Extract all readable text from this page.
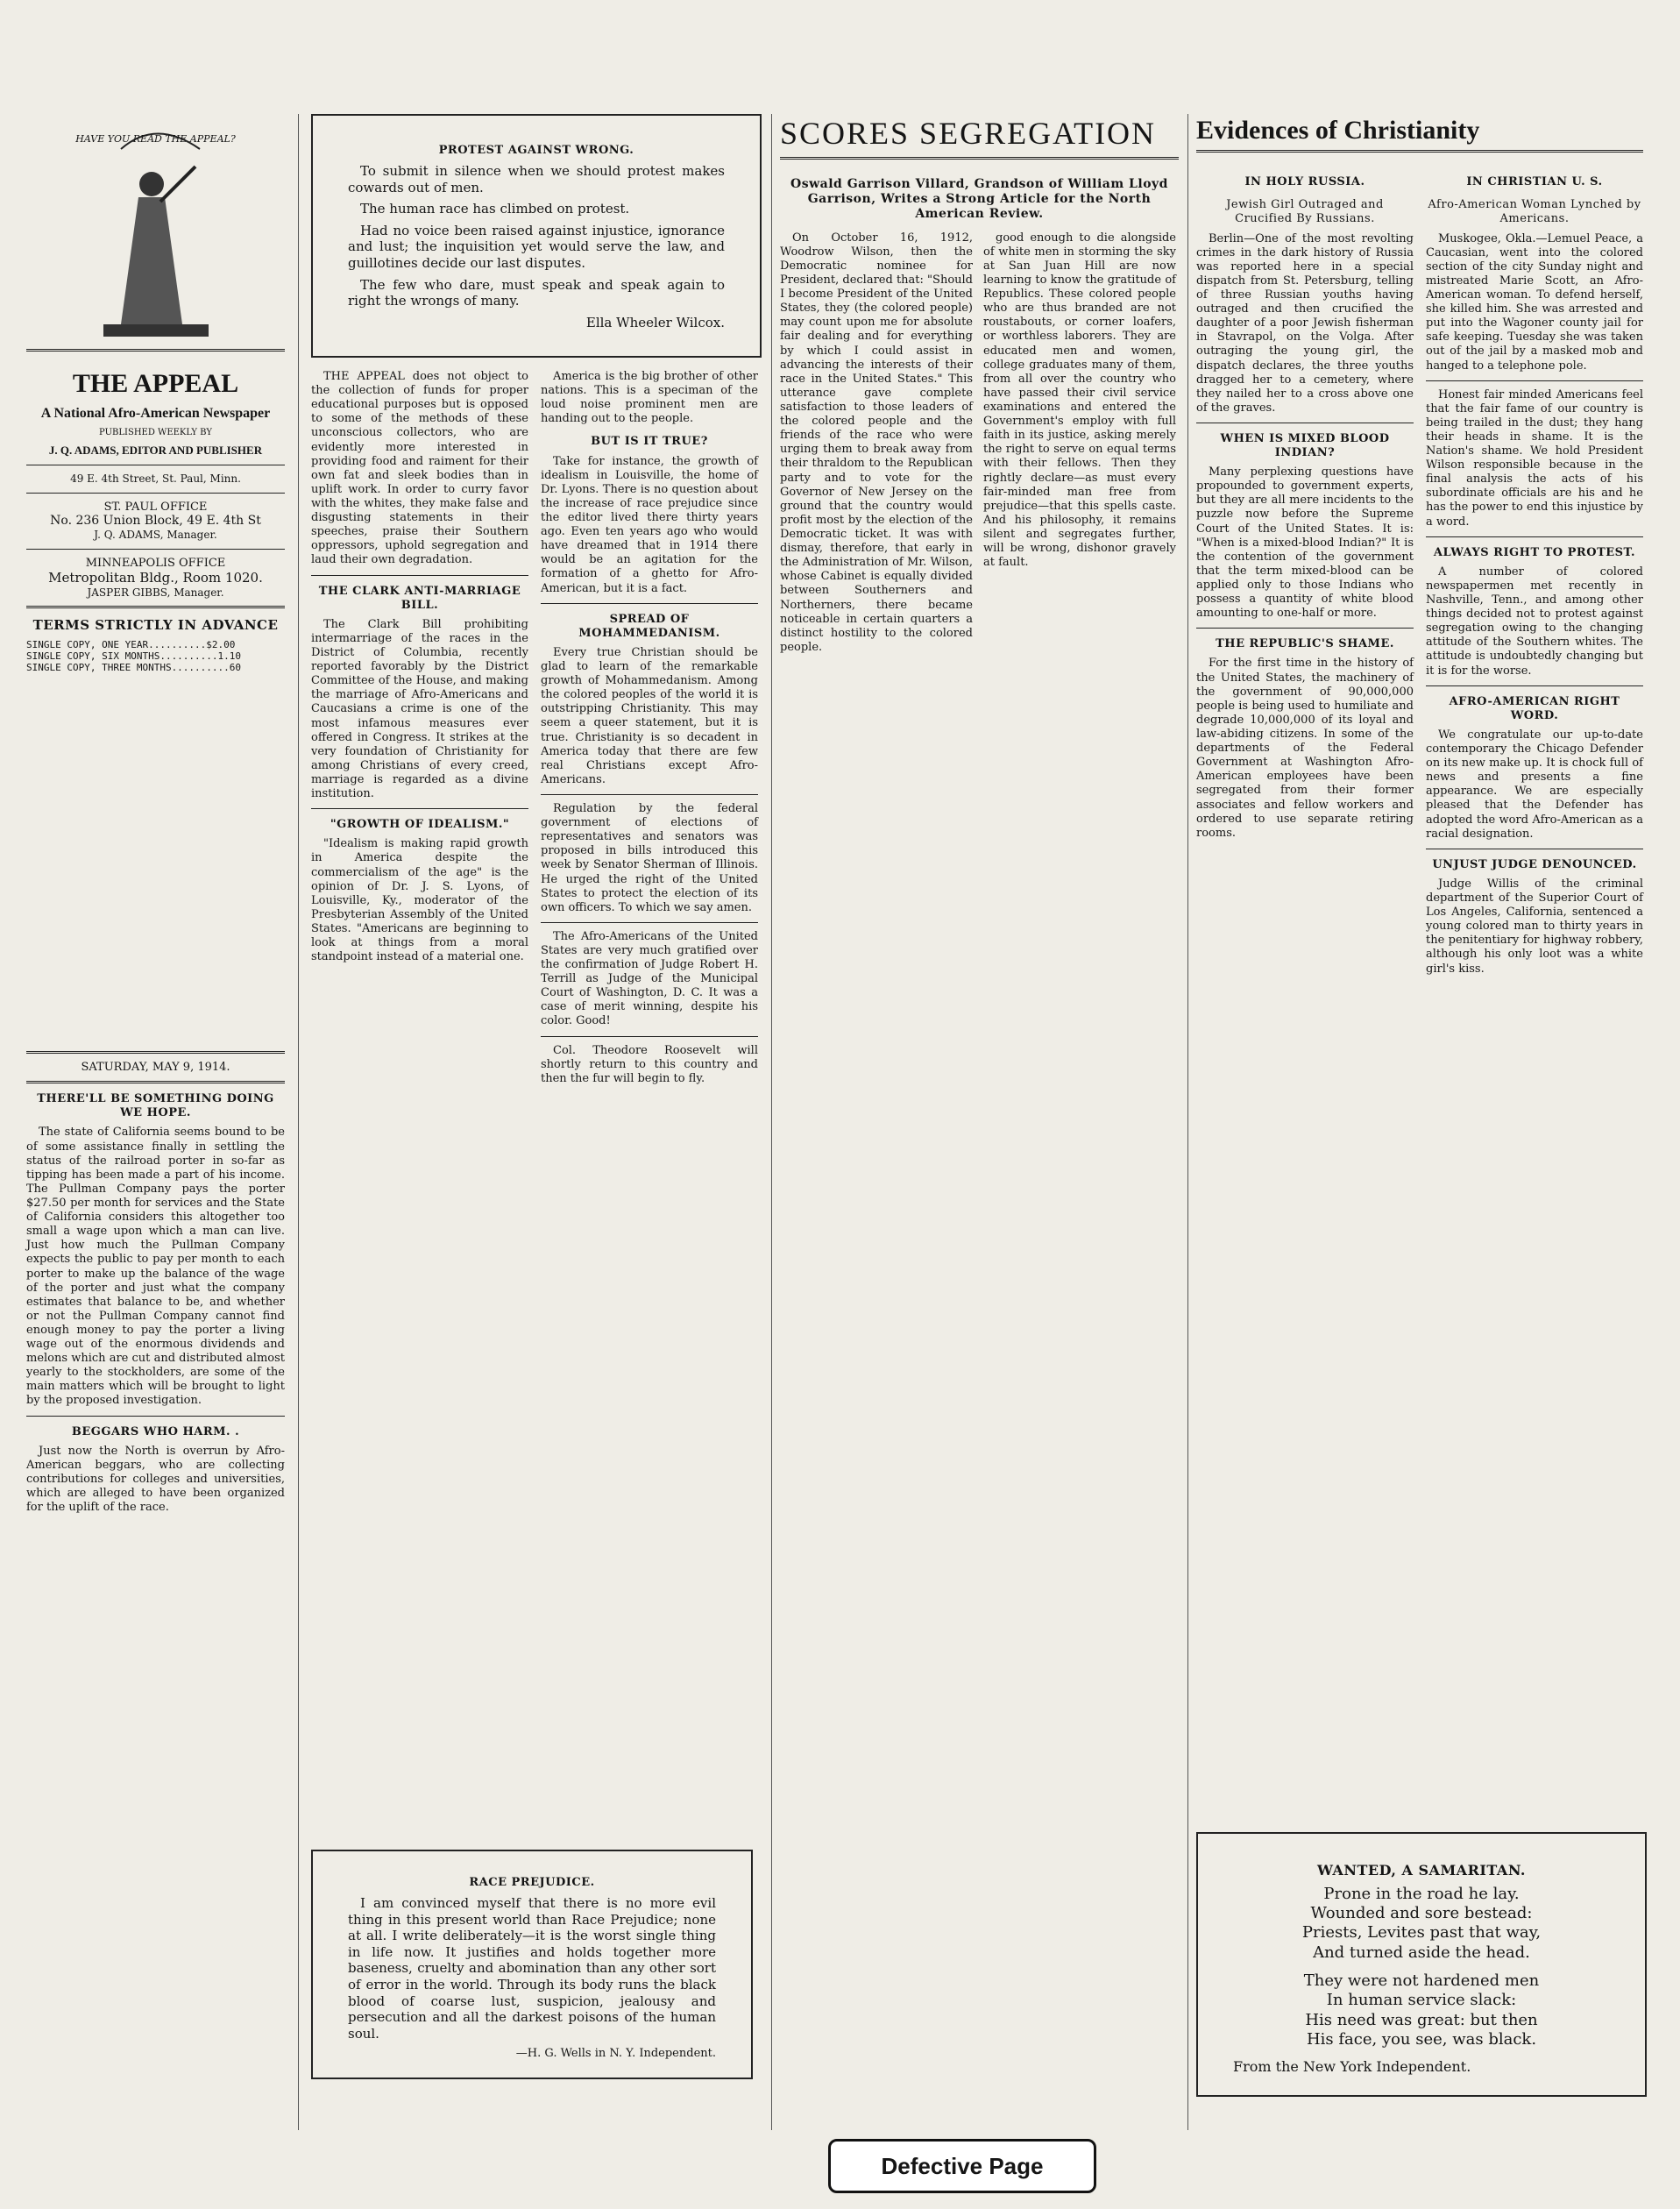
HAVE YOU READ THE APPEAL?
THE APPEAL
A National Afro-American Newspaper
PUBLISHED WEEKLY BY
J. Q. ADAMS, EDITOR AND PUBLISHER
49 E. 4th Street, St. Paul, Minn.
ST. PAUL OFFICE
No. 236 Union Block, 49 E. 4th St
J. Q. ADAMS, Manager.
MINNEAPOLIS OFFICE
Metropolitan Bldg., Room 1020.
JASPER GIBBS, Manager.
TERMS STRICTLY IN ADVANCE
SINGLE COPY, ONE YEAR..........$2.00
SINGLE COPY, SIX MONTHS..........1.10
SINGLE COPY, THREE MONTHS..........60
SATURDAY, MAY 9, 1914.
THERE'LL BE SOMETHING DOING WE HOPE.

The state of California seems bound to be of some assistance finally in settling the status of the railroad porter in so-far as tipping has been made a part of his income. The Pullman Company pays the porter $27.50 per month for services and the State of California considers this altogether too small a wage upon which a man can live. Just how much the Pullman Company expects the public to pay per month to each porter to make up the balance of the wage of the porter and just what the company estimates that balance to be, and whether or not the Pullman Company cannot find enough money to pay the porter a living wage out of the enormous dividends and melons which are cut and distributed almost yearly to the stockholders, are some of the main matters which will be brought to light by the proposed investigation.

BEGGARS WHO HARM. .

Just now the North is overrun by Afro-American beggars, who are collecting contributions for colleges and universities, which are alleged to have been organized for the uplift of the race.

PROTEST AGAINST WRONG.

To submit in silence when we should protest makes cowards out of men.

The human race has climbed on protest.

Had no voice been raised against injustice, ignorance and lust; the inquisition yet would serve the law, and guillotines decide our last disputes.

The few who dare, must speak and speak again to right the wrongs of many.

Ella Wheeler Wilcox.

THE APPEAL does not object to the collection of funds for proper educational purposes but is opposed to some of the methods of these unconscious collectors, who are evidently more interested in providing food and raiment for their own fat and sleek bodies than in uplift work. In order to curry favor with the whites, they make false and disgusting statements in their speeches, praise their Southern oppressors, uphold segregation and laud their own degradation.

THE CLARK ANTI-MARRIAGE BILL.

The Clark Bill prohibiting intermarriage of the races in the District of Columbia, recently reported favorably by the District Committee of the House, and making the marriage of Afro-Americans and Caucasians a crime is one of the most infamous measures ever offered in Congress. It strikes at the very foundation of Christianity for among Christians of every creed, marriage is regarded as a divine institution.

"GROWTH OF IDEALISM."

"Idealism is making rapid growth in America despite the commercialism of the age" is the opinion of Dr. J. S. Lyons, of Louisville, Ky., moderator of the Presbyterian Assembly of the United States. "Americans are beginning to look at things from a moral standpoint instead of a material one.

America is the big brother of other nations. This is a speciman of the loud noise prominent men are handing out to the people.

BUT IS IT TRUE?

Take for instance, the growth of idealism in Louisville, the home of Dr. Lyons. There is no question about the increase of race prejudice since the editor lived there thirty years ago. Even ten years ago who would have dreamed that in 1914 there would be an agitation for the formation of a ghetto for Afro-American, but it is a fact.

SPREAD OF MOHAMMEDANISM.

Every true Christian should be glad to learn of the remarkable growth of Mohammedanism. Among the colored peoples of the world it is outstripping Christianity. This may seem a queer statement, but it is true. Christianity is so decadent in America today that there are few real Christians except Afro-Americans.

Regulation by the federal government of elections of representatives and senators was proposed in bills introduced this week by Senator Sherman of Illinois. He urged the right of the United States to protect the election of its own officers. To which we say amen.

The Afro-Americans of the United States are very much gratified over the confirmation of Judge Robert H. Terrill as Judge of the Municipal Court of Washington, D. C. It was a case of merit winning, despite his color. Good!

Col. Theodore Roosevelt will shortly return to this country and then the fur will begin to fly.

RACE PREJUDICE.

I am convinced myself that there is no more evil thing in this present world than Race Prejudice; none at all. I write deliberately—it is the worst single thing in life now. It justifies and holds together more baseness, cruelty and abomination than any other sort of error in the world. Through its body runs the black blood of coarse lust, suspicion, jealousy and persecution and all the darkest poisons of the human soul.

—H. G. Wells in N. Y. Independent.
SCORES SEGREGATION
Oswald Garrison Villard, Grandson of William Lloyd Garrison, Writes a Strong Article for the North American Review.

On October 16, 1912, Woodrow Wilson, then the Democratic nominee for President, declared that: "Should I become President of the United States, they (the colored people) may count upon me for absolute fair dealing and for everything by which I could assist in advancing the interests of their race in the United States." This utterance gave complete satisfaction to those leaders of the colored people and the friends of the race who were urging them to break away from their thraldom to the Republican party and to vote for the Governor of New Jersey on the ground that the country would profit most by the election of the Democratic ticket. It was with dismay, therefore, that early in the Administration of Mr. Wilson, whose Cabinet is equally divided between Southerners and Northerners, there became noticeable in certain quarters a distinct hostility to the colored people.

good enough to die alongside of white men in storming the sky at San Juan Hill are now learning to know the gratitude of Republics. These colored people who are thus branded are not roustabouts, or corner loafers, or worthless laborers. They are educated men and women, college graduates many of them, from all over the country who have passed their civil service examinations and entered the Government's employ with full faith in its justice, asking merely the right to serve on equal terms with their fellows. Then they rightly declare—as must every fair-minded man free from prejudice—that this spells caste. And his philosophy, it remains silent and segregates further, will be wrong, dishonor gravely at fault.

Evidences of Christianity
IN HOLY RUSSIA.
Jewish Girl Outraged and Crucified By Russians.

Berlin—One of the most revolting crimes in the dark history of Russia was reported here in a special dispatch from St. Petersburg, telling of three Russian youths having outraged and then crucified the daughter of a poor Jewish fisherman in Stavrapol, on the Volga. After outraging the young girl, the dispatch declares, the three youths dragged her to a cemetery, where they nailed her to a cross above one of the graves.

WHEN IS MIXED BLOOD INDIAN?

Many perplexing questions have propounded to government experts, but they are all mere incidents to the puzzle now before the Supreme Court of the United States. It is: "When is a mixed-blood Indian?" It is the contention of the government that the term mixed-blood can be applied only to those Indians who possess a quantity of white blood amounting to one-half or more.

THE REPUBLIC'S SHAME.

For the first time in the history of the United States, the machinery of the government of 90,000,000 people is being used to humiliate and degrade 10,000,000 of its loyal and law-abiding citizens. In some of the departments of the Federal Government at Washington Afro-American employees have been segregated from their former associates and fellow workers and ordered to use separate retiring rooms.

IN CHRISTIAN U. S.
Afro-American Woman Lynched by Americans.

Muskogee, Okla.—Lemuel Peace, a Caucasian, went into the colored section of the city Sunday night and mistreated Marie Scott, an Afro-American woman. To defend herself, she killed him. She was arrested and put into the Wagoner county jail for safe keeping. Tuesday she was taken out of the jail by a masked mob and hanged to a telephone pole.

Honest fair minded Americans feel that the fair fame of our country is being trailed in the dust; they hang their heads in shame. It is the Nation's shame. We hold President Wilson responsible because in the final analysis the acts of his subordinate officials are his and he has the power to end this injustice by a word.

ALWAYS RIGHT TO PROTEST.

A number of colored newspapermen met recently in Nashville, Tenn., and among other things decided not to protest against segregation owing to the changing attitude of the Southern whites. The attitude is undoubtedly changing but it is for the worse.

AFRO-AMERICAN RIGHT WORD.

We congratulate our up-to-date contemporary the Chicago Defender on its new make up. It is chock full of news and presents a fine appearance. We are especially pleased that the Defender has adopted the word Afro-American as a racial designation.

UNJUST JUDGE DENOUNCED.

Judge Willis of the criminal department of the Superior Court of Los Angeles, California, sentenced a young colored man to thirty years in the penitentiary for highway robbery, although his only loot was a white girl's kiss.

WANTED, A SAMARITAN.
Prone in the road he lay.
Wounded and sore bestead:
Priests, Levites past that way,
And turned aside the head.
They were not hardened men
In human service slack:
His need was great: but then
His face, you see, was black.
From the New York Independent.
Defective Page
